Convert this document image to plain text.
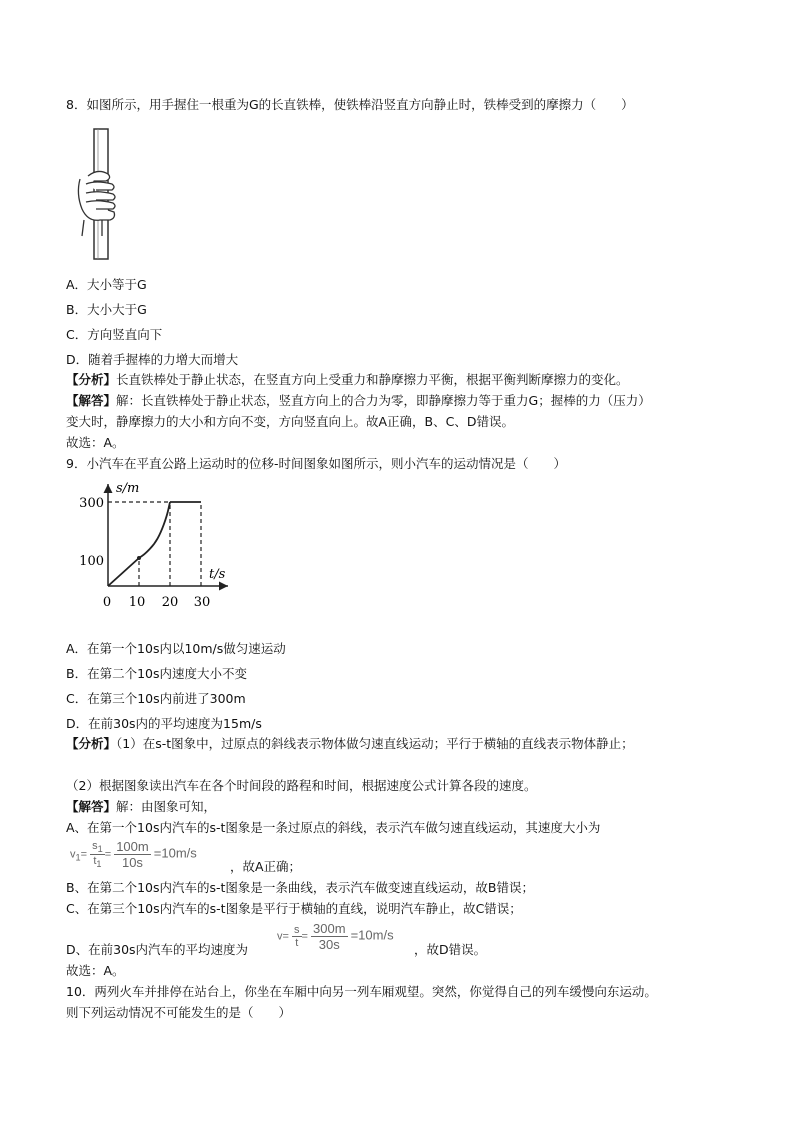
8．如图所示，用手握住一根重为G的长直铁棒，使铁棒沿竖直方向静止时，铁棒受到的摩擦力（　　）
A．大小等于G
B．大小大于G
C．方向竖直向下
D．随着手握棒的力增大而增大
【分析】长直铁棒处于静止状态，在竖直方向上受重力和静摩擦力平衡，根据平衡判断摩擦力的变化。
【解答】解：长直铁棒处于静止状态，竖直方向上的合力为零，即静摩擦力等于重力G；握棒的力（压力）
变大时，静摩擦力的大小和方向不变，方向竖直向上。故A正确，B、C、D错误。
故选：A。
9．小汽车在平直公路上运动时的位移-时间图象如图所示，则小汽车的运动情况是（　　）
s/m
t/s
100
300
0 10 20 30
A．在第一个10s内以10m/s做匀速运动
B．在第二个10s内速度大小不变
C．在第三个10s内前进了300m
D．在前30s内的平均速度为15m/s
【分析】（1）在s-t图象中，过原点的斜线表示物体做匀速直线运动；平行于横轴的直线表示物体静止；
（2）根据图象读出汽车在各个时间段的路程和时间，根据速度公式计算各段的速度。
【解答】解：由图象可知，
A、在第一个10s内汽车的s-t图象是一条过原点的斜线，表示汽车做匀速直线运动，其速度大小为
$v_1= \frac{s_1}{t_1} = \frac{100m}{10s} =10m/s$
，故A正确；
B、在第二个10s内汽车的s-t图象是一条曲线，表示汽车做变速直线运动，故B错误；
C、在第三个10s内汽车的s-t图象是平行于横轴的直线，说明汽车静止，故C错误；
D、在前30s内汽车的平均速度为
$v= \frac{s}{t} = \frac{300m}{30s} =10m/s$
，故D错误。
故选：A。
10．两列火车并排停在站台上，你坐在车厢中向另一列车厢观望。突然，你觉得自己的列车缓慢向东运动。
则下列运动情况不可能发生的是（　　）
